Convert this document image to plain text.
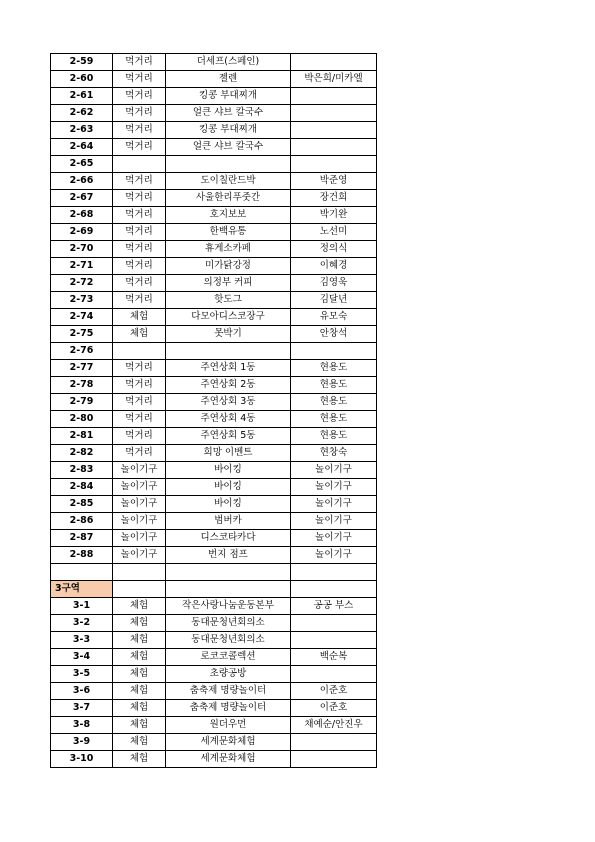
2-59	먹거리	더세프(스페인)	
2-60	먹거리	젤렌	박은희/미카엘
2-61	먹거리	킹콩 부대찌개	
2-62	먹거리	얼큰 샤브 칼국수	
2-63	먹거리	킹콩 부대찌개	
2-64	먹거리	얼큰 샤브 칼국수	
2-65			
2-66	먹거리	도이칠란드박	박준영
2-67	먹거리	사울한리푸줏간	장건희
2-68	먹거리	호지보보	박기완
2-69	먹거리	한백유통	노선미
2-70	먹거리	휴게소카페	정의식
2-71	먹거리	미가닭강정	이혜경
2-72	먹거리	의정부 커피	김영욱
2-73	먹거리	핫도그	김달년
2-74	체험	다모아디스코장구	유모숙
2-75	체험	못박기	안창석
2-76			
2-77	먹거리	주연상회 1동	현용도
2-78	먹거리	주연상회 2동	현용도
2-79	먹거리	주연상회 3동	현용도
2-80	먹거리	주연상회 4동	현용도
2-81	먹거리	주연상회 5동	현용도
2-82	먹거리	희망 이벤트	현창숙
2-83	놀이기구	바이킹	놀이기구
2-84	놀이기구	바이킹	놀이기구
2-85	놀이기구	바이킹	놀이기구
2-86	놀이기구	범버카	놀이기구
2-87	놀이기구	디스코타카다	놀이기구
2-88	놀이기구	번지 점프	놀이기구

3구역			
3-1	체험	작은사랑나눔운동본부	공공 부스
3-2	체험	동대문청년회의소	
3-3	체험	동대문청년회의소	
3-4	체험	로코코콜렉션	백순복
3-5	체험	초량공방	
3-6	체험	춤축제 명량놀이터	이준호
3-7	체험	춤축제 명량놀이터	이준호
3-8	체험	원더우먼	채예순/안진우
3-9	체험	세계문화체험	
3-10	체험	세계문화체험	
